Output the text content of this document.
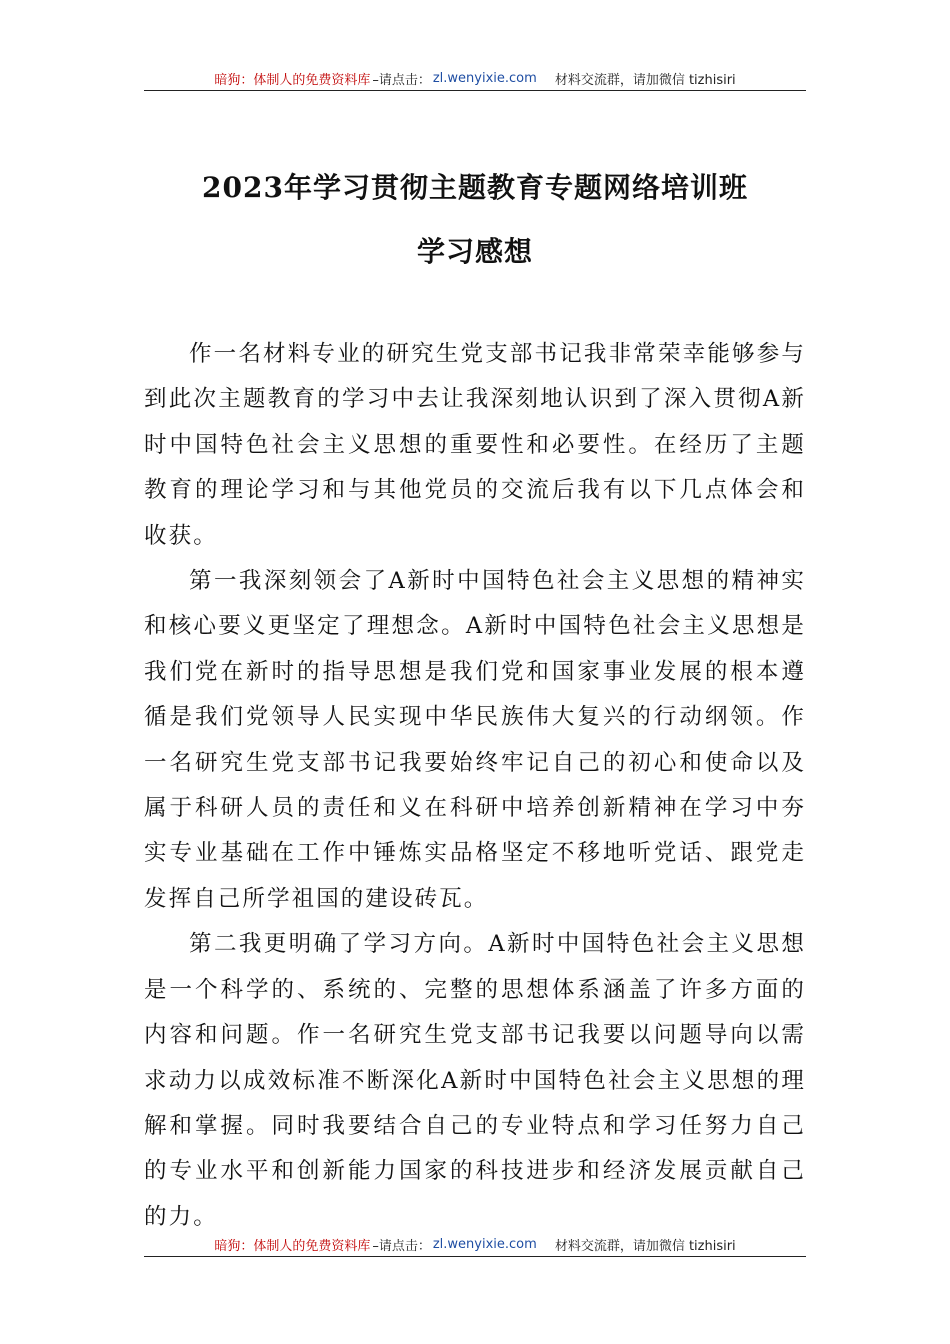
暗狗：体制人的免费资料库 –请点击： zl.wenyixie.com 材料交流群，请加微信 tizhisiri
2023年学习贯彻主题教育专题网络培训班
学习感想

作一名材料专业的研究生党支部书记我非常荣幸能够参与到此次主题教育的学习中去让我深刻地认识到了深入贯彻A新时中国特色社会主义思想的重要性和必要性。在经历了主题教育的理论学习和与其他党员的交流后我有以下几点体会和收获。

第一我深刻领会了A新时中国特色社会主义思想的精神实和核心要义更坚定了理想念。A新时中国特色社会主义思想是我们党在新时的指导思想是我们党和国家事业发展的根本遵循是我们党领导人民实现中华民族伟大复兴的行动纲领。作一名研究生党支部书记我要始终牢记自己的初心和使命以及属于科研人员的责任和义在科研中培养创新精神在学习中夯实专业基础在工作中锤炼实品格坚定不移地听党话、跟党走发挥自己所学祖国的建设砖瓦。

第二我更明确了学习方向。A新时中国特色社会主义思想是一个科学的、系统的、完整的思想体系涵盖了许多方面的内容和问题。作一名研究生党支部书记我要以问题导向以需求动力以成效标准不断深化A新时中国特色社会主义思想的理解和掌握。同时我要结合自己的专业特点和学习任努力自己的专业水平和创新能力国家的科技进步和经济发展贡献自己的力。

暗狗：体制人的免费资料库 –请点击： zl.wenyixie.com 材料交流群，请加微信 tizhisiri
